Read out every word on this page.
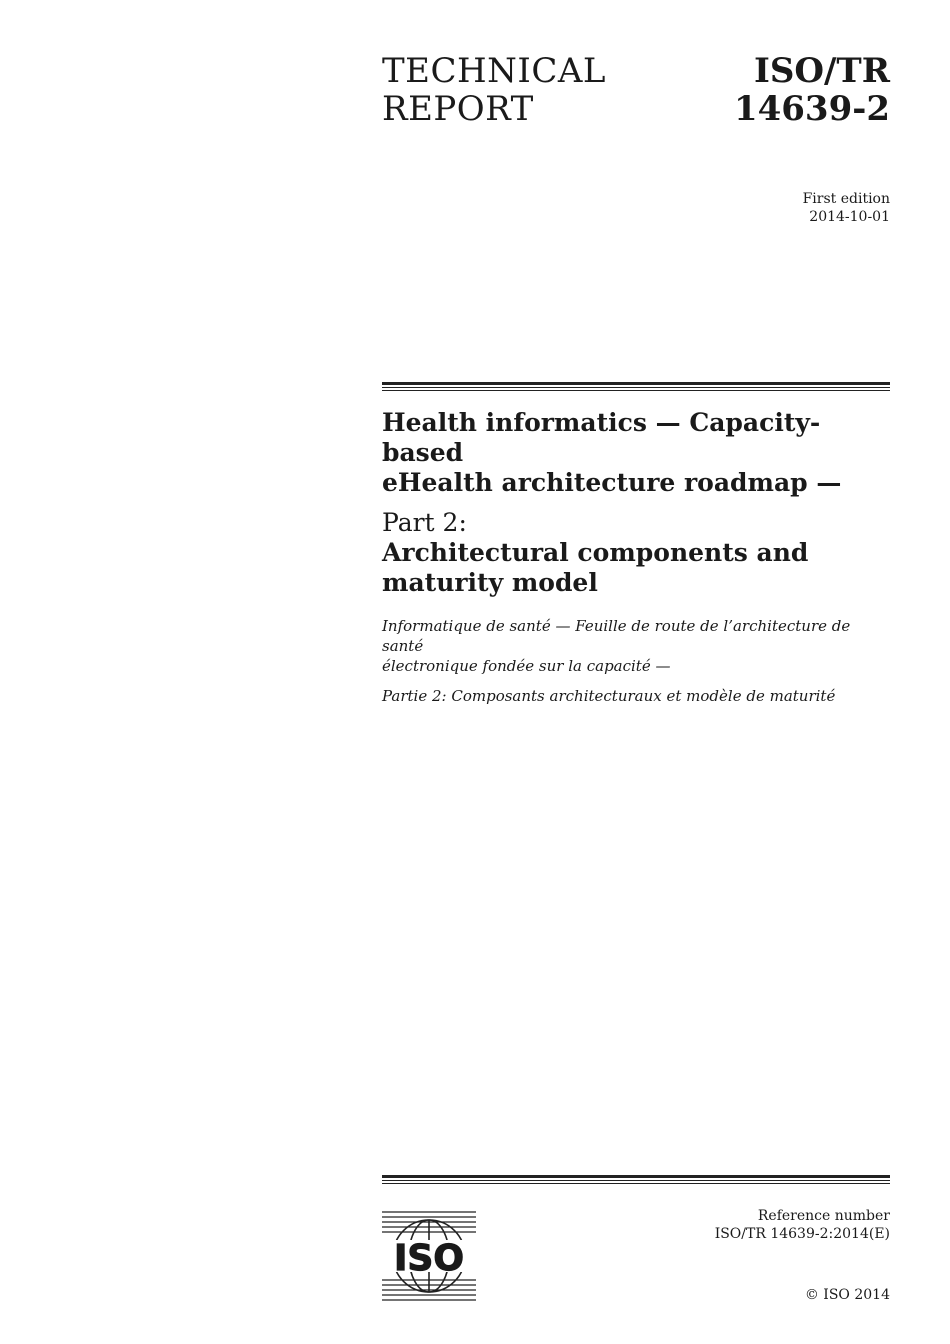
TECHNICAL
REPORT
ISO/TR
14639-2
First edition
2014-10-01
Health informatics — Capacity-based
eHealth architecture roadmap —
Part 2:
Architectural components and
maturity model
Informatique de santé — Feuille de route de l’architecture de santé
électronique fondée sur la capacité —
Partie 2: Composants architecturaux et modèle de maturité
ISO
Reference number
ISO/TR 14639-2:2014(E)
© ISO 2014
